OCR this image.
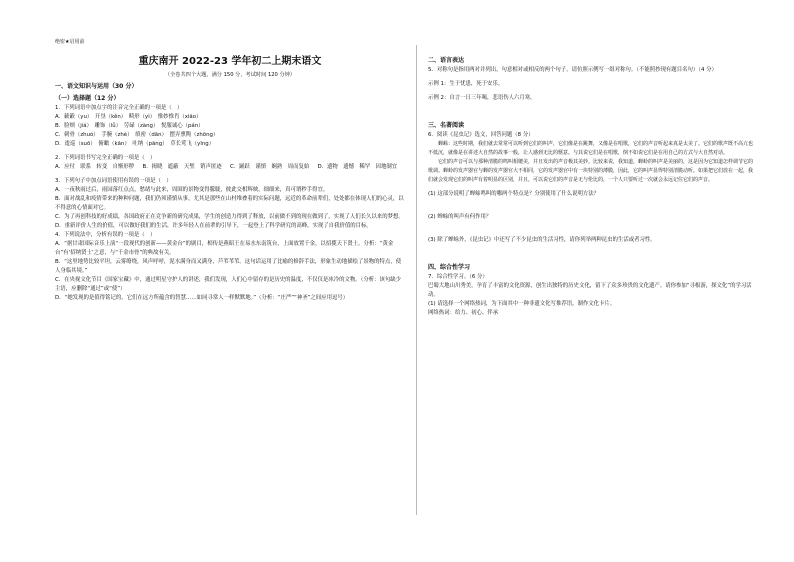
绝密★启用前
重庆南开 2022-23 学年初二上期末语文
（全卷共四个大题，满分 150 分，考试时间 120 分钟）
一、语文知识与运用（30 分）
（一）选择题（12 分）
1．下列词语中加点字的注音完全正确的一项是（　）
A．簌簌（yu）　开垦（kěn）　畸形（yì）　惟妙惟肖（xiāo）
B．脸颊（jiá）　雕饰（lǚ）　劳碌（zàng）　悦服诚心（pán）
C．刺骨（zhuó）　手腕（zhé）　缜密（dān）　摆弄熏陶（zhōng）
D．逡巡（suō）　俯瞰（kān）　吐纳（pāng）　草长莺飞（yīng）
2．下列词语书写完全正确的一项是（　）
A．应付　联系　转变　自惭形秽	B．揭晓　遮蔽　天堑　销声匿迹	C．踊跃　谨慎　娴熟　周而复始	D．遗物　遗憾　稀罕　因地制宜
3．下列句子中加点词语使用有误的一项是（　）
A．一夜秋雨过后，雨园落红点点，愁绪与此来，周围的景物变得朦胧，彼此交相辉映，细细来，真可谓秒手得宜。
B．面对战乱和疫情带来的种种问题，我们仍须谨慎从事，尤其是那些在山村堆叠着的实际问题，远近的革命前辈们，处处都在体现人们的心灵，以不得意的心情面对它。
C．为了再创科技的好成绩，各国政府正在竞争新的研究成果，学生的创造力得到了释放，以前做不到的现在做到了，实现了人们长久以来的梦想。
D．重新评价人生的价值，可以做好我们的生活，许多年轻人在前辈的引导下，一起登上了科学研究的高峰，实现了自我价值的目标。
4．下列说法中，分析有误的一项是（　）
A．“据甘肃国际音乐上演“一段现代的创新——黄金台”的剧目，相传是燕昭王在易水东南筑台，上面放置千金，以招揽天下贤士。分析：“黄金台”有‘招纳贤士’之意，与“千金市骨”的典故有关。
B．“这里地势比较平坦，云雾缭绕，风声呼呼，泥水满身而又满身，芦苇苇苇。这句话运用了比喻的修辞手法，形象生动地描绘了景物的特点，使人身临其境。”
C．在央视文化节目《国家宝藏》中，通过明星守护人的讲述，我们发现，人们心中留存的是历史的温度，不仅仅是冰冷的文物。（分析：该句缺少主语，应删除“通过”或“使”）
D．“她发现的是值得铭记的，它们在远方所蕴含的智慧……如同寻常人一样默默地。”（分析：“庄严”“神圣”之间应用逗号）
二、语言表达
5．对称句是指用两对并列出，句意相对或相反的两个句子。请仿照示例写一组对称句。（不能照抄现有题目名句）（4 分）
示例 1：生于忧患，死于安乐。
示例 2：自言一日三年喝，悲语伤人六月寒。
三、名著阅读
6．阅读《昆虫记》选文，回答问题（8 分）
蝉蜍：这些时期，我们就去常常可以听到它们的叫声，它们像是在跳舞，又像是在唱歌，它们的声音听起来真是太美了。它们的歌声既不高亢也不低沉，就像是在讲述大自然的故事一般，让人感到无比的惬意。与其说它们是在唱歌，倒不如说它们是在用自己的方式与大自然对话。
它们的声音可以与那种清脆的鸣叫相媲美，并且发出的声音极其美妙。比较来说，我知道，蝉蛉的叫声是美丽的，这是因为它知道怎样调节它的歌调。蝉蛉的发声器官与蝉的发声器官大不相同，它的发声器官中有一块特别的薄膜，因此，它的叫声显得特别清脆动听。如果把它们放在一起，我们就会发现它们的叫声有着明显的区别，并且，可以说它们的声音是无与伦比的，一个人只要听过一次就会永远记住它们的声音。
(1) 这部分说明了蝉蜍鸣叫的哪两个特点是？分别使用了什么说明方法？
(2) 蝉蜍的叫声有何作用？
(3) 除了蝉蜍外，《昆虫记》中还写了不少昆虫的生活习性，请你列举两种昆虫的生活或者习性。
四、综合性学习
7．综合性学习。（6 分）
巴蜀大地山川秀美，孕育了丰富的文化资源，创生出独特的历史文化，留下了众多珍贵的文化遗产。请你参加“寻根游，探文化”的学习活动。
(1) 请选择一个网络热词，为下面其中一种非遗文化写推荐语，制作文化卡片。
网络热词：给力、初心、伴承
